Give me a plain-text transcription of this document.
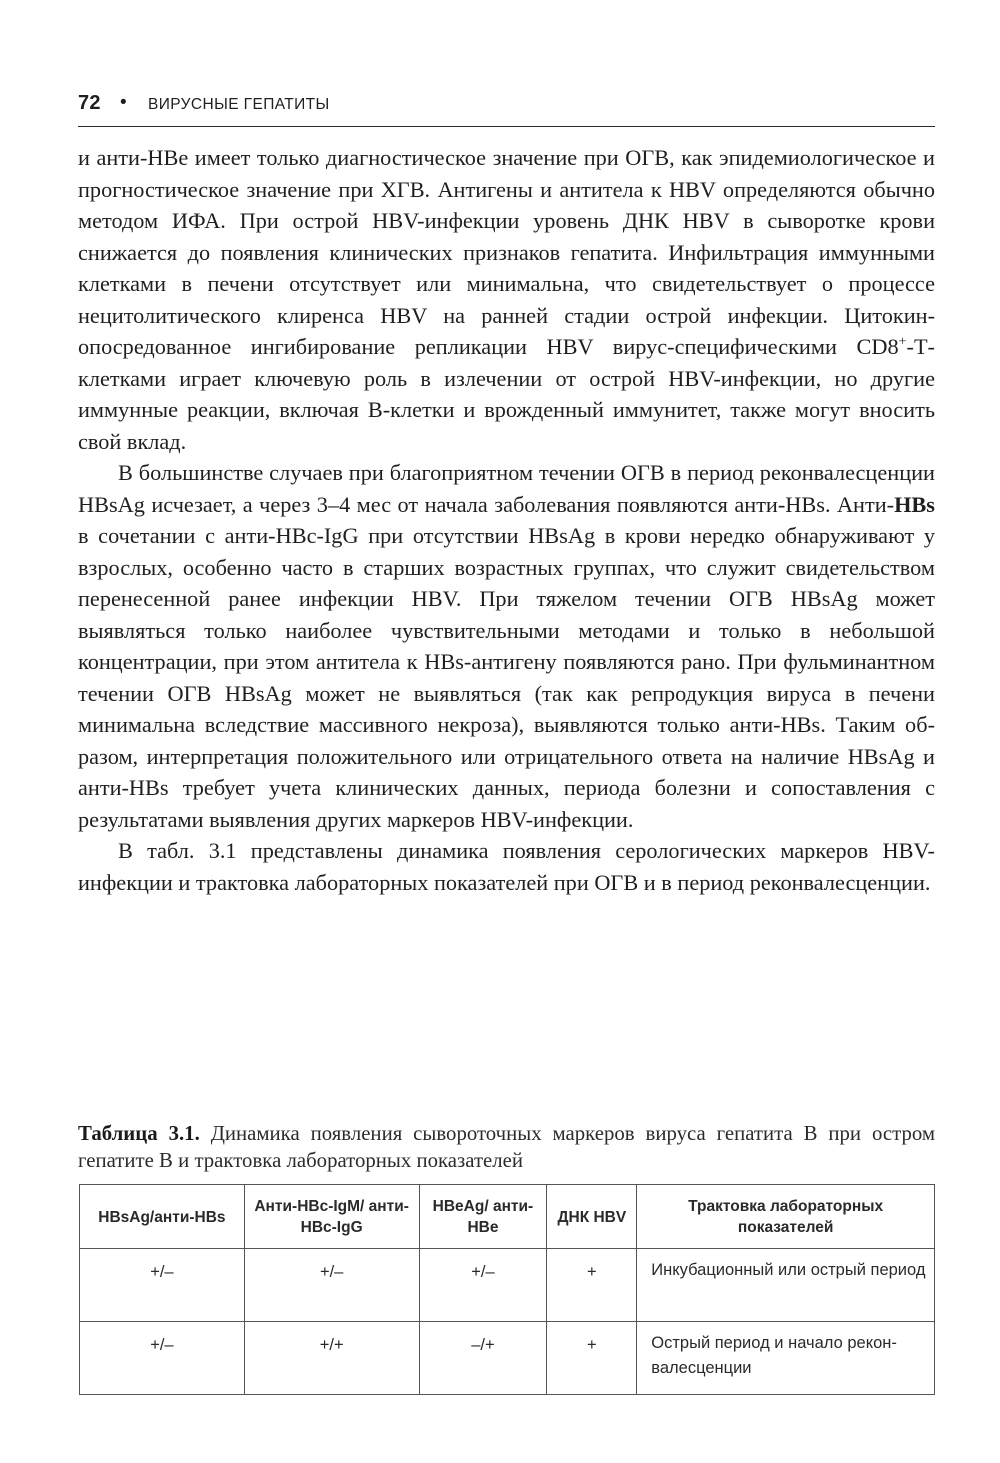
72 • ВИРУСНЫЕ ГЕПАТИТЫ

и анти-HBe имеет только диагностическое значение при ОГВ, как эпидемиологическое и прогностическое значение при ХГВ. Антигены и антитела к HBV определяются обычно методом ИФА. При острой HBV-инфекции уровень ДНК HBV в сыворотке крови снижается до появления клинических признаков гепатита. Инфильтрация иммунными клетками в печени отсутствует или минимальна, что свидетельствует о процессе нецитолитического клиренса HBV на ранней стадии острой инфекции. Цитокин-опосредованное ингибирование репликации HBV вирус-специфическими CD8+-Т-клетками играет ключевую роль в излечении от острой HBV-инфекции, но другие иммунные реакции, включая В-клетки и врожденный иммунитет, также могут вносить свой вклад.

В большинстве случаев при благоприятном течении ОГВ в период реконвалесценции HBsAg исчезает, а через 3–4 мес от начала заболевания появляются анти-HBs. Анти-HBs в сочетании с анти-HBc-IgG при отсутствии HBsAg в крови нередко обнаруживают у взрослых, особенно часто в старших возрастных группах, что служит свидетельством перенесенной ранее инфекции HBV. При тяжелом течении ОГВ HBsAg может выявляться только наиболее чувствительными методами и только в небольшой концентрации, при этом антитела к HBs-антигену появляются рано. При фульминантном течении ОГВ HBsAg может не выявляться (так как репродукция вируса в печени минимальна вследствие массивного некроза), выявляются только анти-HBs. Таким образом, интерпретация положительного или отрицательного ответа на наличие HBsAg и анти-HBs требует учета клинических данных, периода болезни и сопоставления с результатами выявления других маркеров HBV-инфекции.

В табл. 3.1 представлены динамика появления серологических маркеров HBV-инфекции и трактовка лабораторных показателей при ОГВ и в период реконвалесценции.

Таблица 3.1. Динамика появления сывороточных маркеров вируса гепатита В при остром гепатите В и трактовка лабораторных показателей

HBsAg/анти-HBs	Анти-HBc-IgM/ анти-HBc-IgG	HBeAg/ анти-HBe	ДНК HBV	Трактовка лабораторных показателей
+/–	+/–	+/–	+	Инкубационный или острый период
+/–	+/+	–/+	+	Острый период и начало реконвалесценции
